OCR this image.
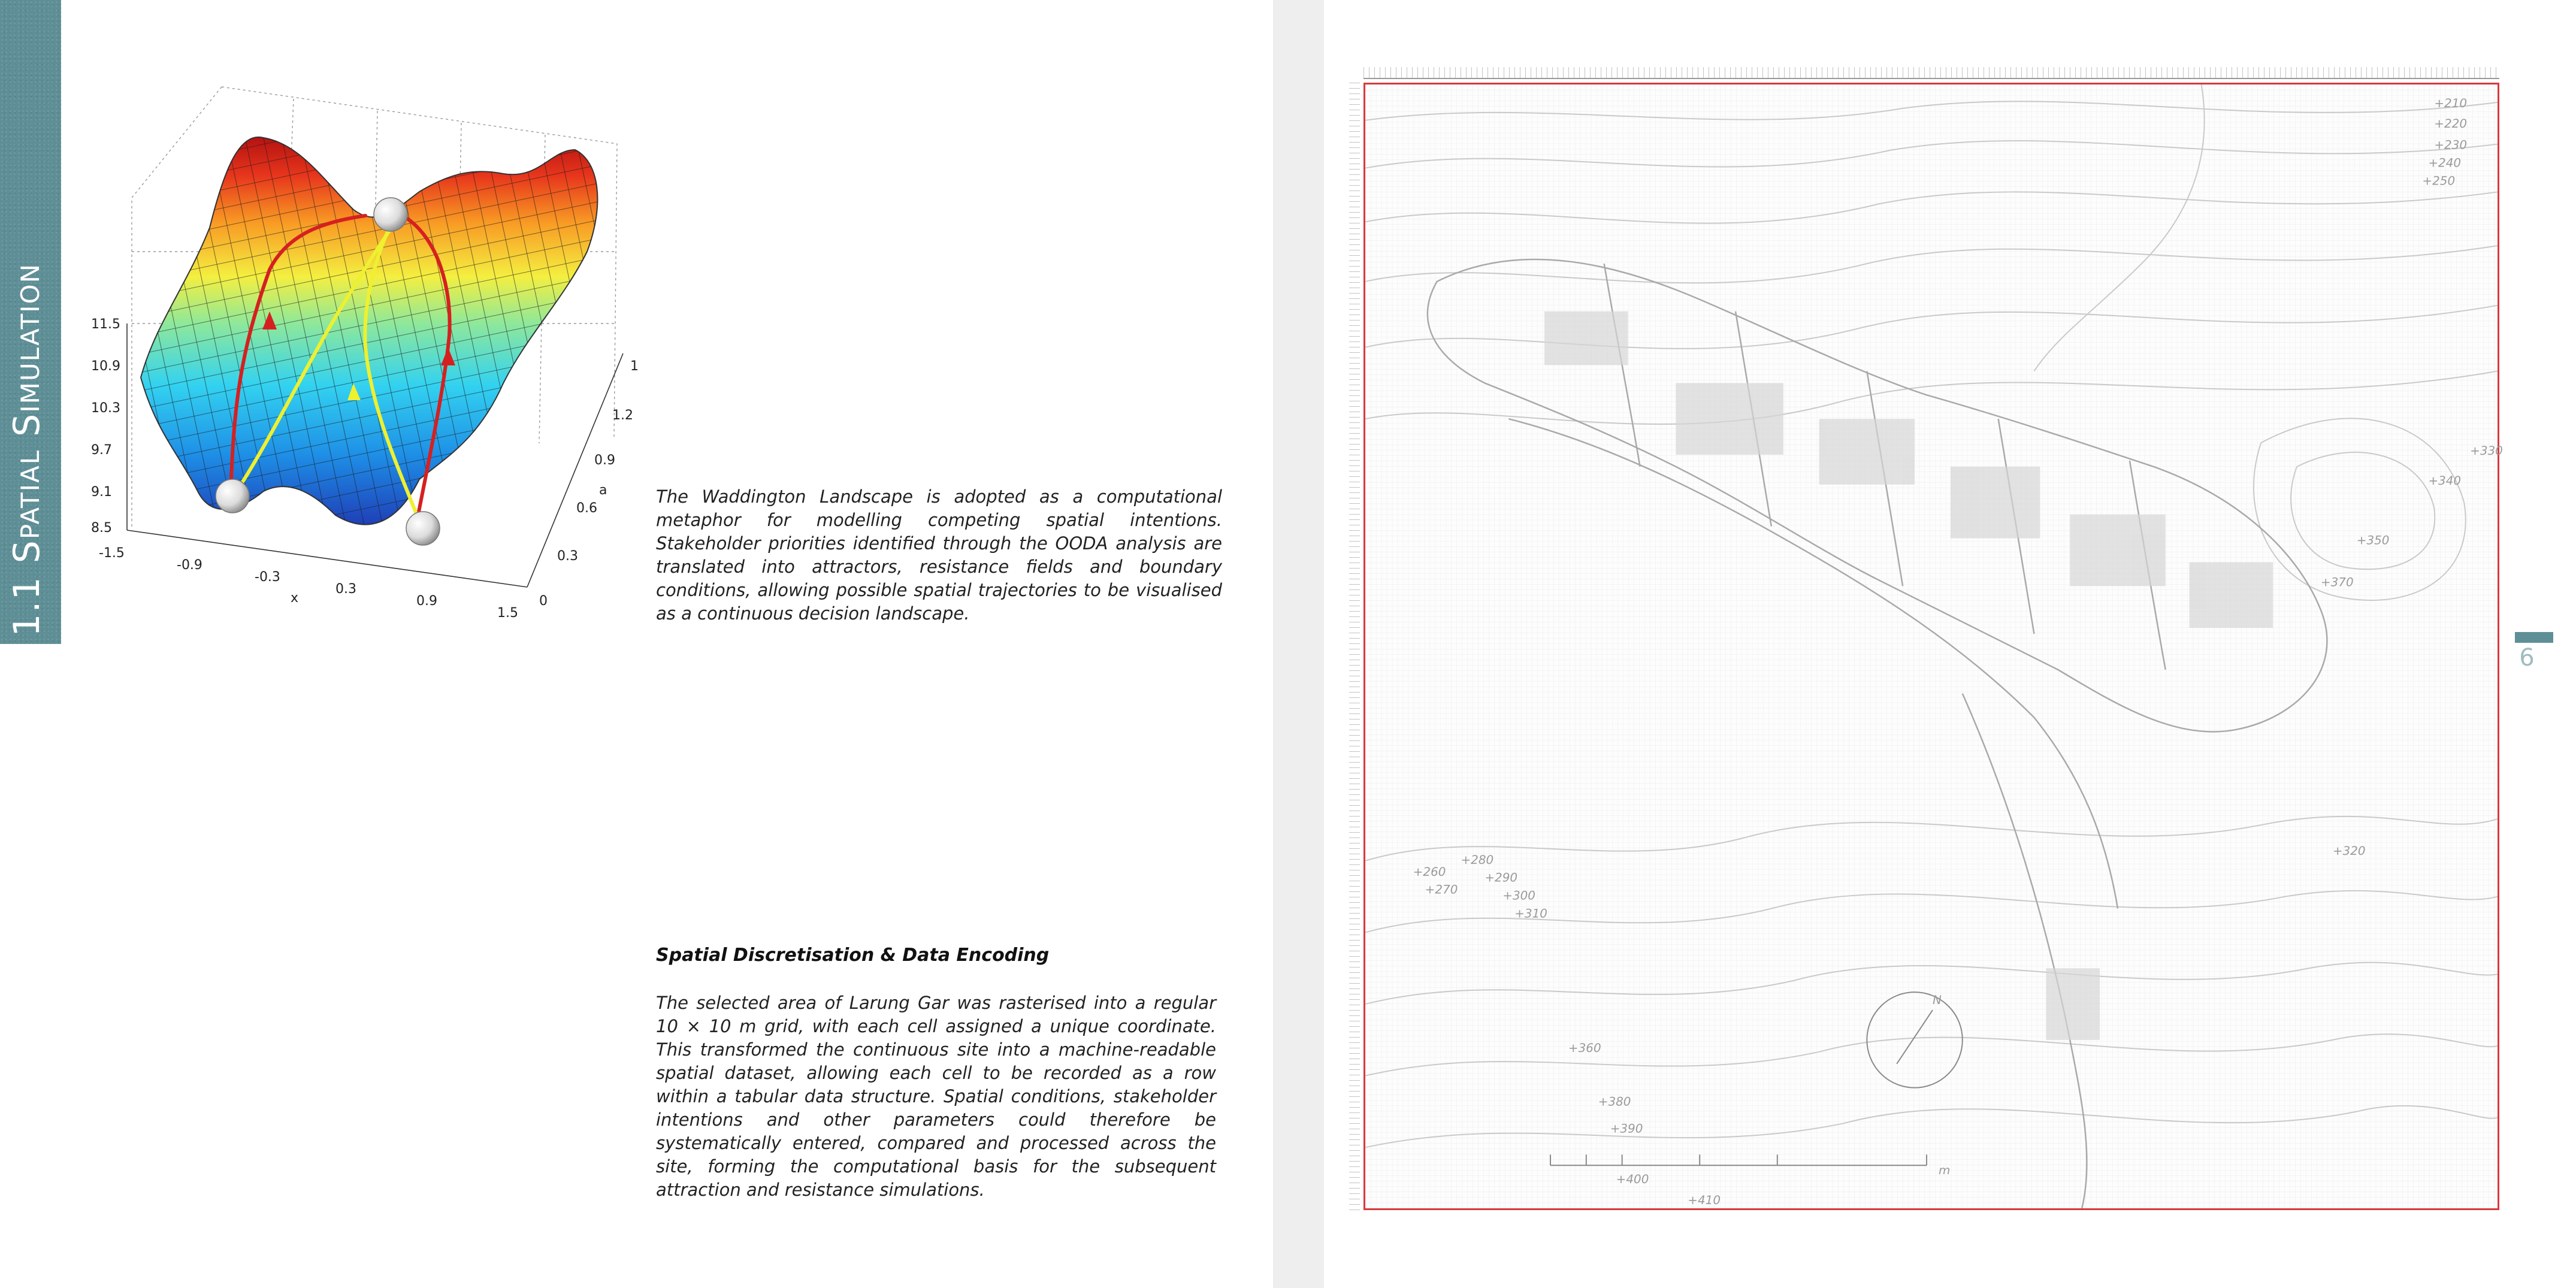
1.1 Spatial Simulation	11.5
10.9
10.3
9.7
9.1
8.5
-1.5
-0.9
-0.3
0.3
0.9
1.5
x
1
1.2
0.9
0.6
0.3
0
a	The Waddington Landscape is adopted as a computational metaphor for modelling competing spatial intentions. Stakeholder priorities identified through the OODA analysis are translated into attractors, resistance fields and boundary conditions, allowing possible spatial trajectories to be visualised as a continuous decision landscape.
Spatial Discretisation & Data Encoding
The selected area of Larung Gar was rasterised into a regular 10 × 10 m grid, with each cell assigned a unique coordinate. This transformed the continuous site into a machine-readable spatial dataset, allowing each cell to be recorded as a row within a tabular data structure. Spatial conditions, stakeholder intentions and other parameters could therefore be systematically entered, compared and processed across the site, forming the computational basis for the subsequent attraction and resistance simulations.
N
m
+210
+220
+230
+240
+250
+260
+270
+280
+290
+300
+310
+320
+330
+340
+350
+360
+370
+380
+390
+400
+410
6
